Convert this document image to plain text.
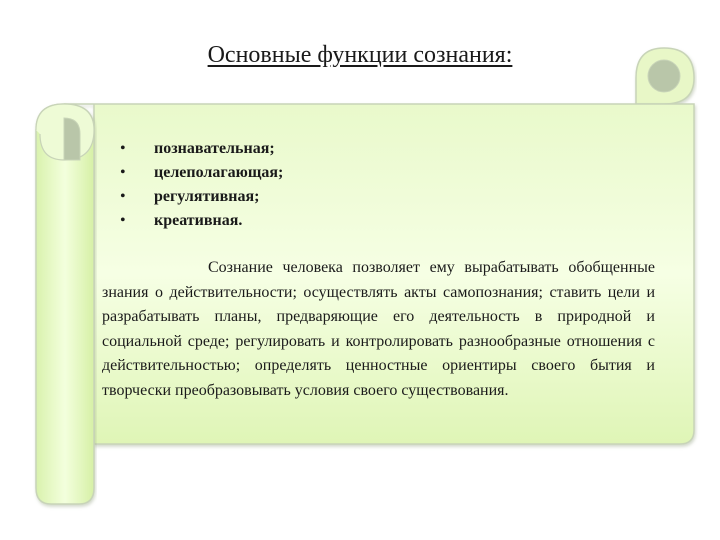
Основные функции сознания:
• познавательная;
• целеполагающая;
• регулятивная;
• креативная.

Сознание человека позволяет ему вырабатывать обобщенные знания о действительности; осуществлять акты самопознания; ставить цели и разрабатывать планы, предваряющие его деятельность в природной и социальной среде; регулировать и контролировать разнообразные отношения с действительностью; определять ценностные ориентиры своего бытия и творчески преобразовывать условия своего существования.
